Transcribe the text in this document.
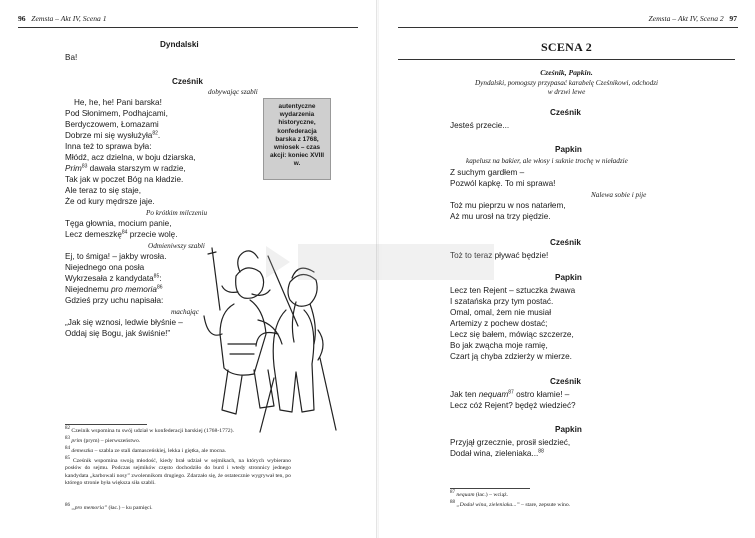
96 Zemsta – Akt IV, Scena 1
Dyndalski
Ba!
Cześnik
dobywając szabli
He, he, he! Pani barska!
Pod Słonimem, Podhajcami,
Berdyczowem, Łomazami
Dobrze mi się wysłużyła$^{82}$.
Inna też to sprawa była:
Młódź, acz dzielna, w boju dziarska,
Prim$^{83}$ dawała starszym w radzie,
Tak jak w poczet Bóg na kładzie.
Ale teraz to się staje,
Że od kury mędrsze jaje.
Po krótkim milczeniu
Tęga głownia, mocium panie,
Lecz demeszkę$^{84}$ przecie wolę.
Odmieniwszy szabli
Ej, to śmiga! – jakby wrosła.
Niejednego ona posła
Wykrzesała z kandydata$^{85}$:
Niejednemu pro memoria$^{86}$
Gdzieś przy uchu napisała:
machając
„Jak się wznosi, ledwie błyśnie –
Oddaj się Bogu, jak świśnie!”
autentyczne wydarzenia historyczne, konfederacja barska z 1768, wniosek – czas akcji: koniec XVIII w.
$^{82}$ Cześnik wspomina tu swój udział w konfederacji barskiej (1768-1772).
$^{83}$ prim (prym) – pierwszeństwo.
$^{84}$ demeszka – szabla ze stali damasceńskiej, lekka i giętka, ale mocna.
$^{85}$ Cześnik wspomina swoją młodość, kiedy brał udział w sejmikach, na których wybierano posłów do sejmu. Podczas sejmików często dochodziło do burd i wtedy stronnicy jednego kandydata „karbowali nosy” zwolennikom drugiego. Zdarzało się, że ostatecznie wygrywał ten, po którego stronie była większa siła szabli.
$^{86}$ „pro memoria” (łac.) – ku pamięci.
Zemsta – Akt IV, Scena 2 97
SCENA 2
Cześnik, Papkin.
Dyndalski, pomogszy przypasać karabelę Cześnikowi, odchodzi
w drzwi lewe
Cześnik
Jesteś przecie...
Papkin
kapelusz na bakier, ale włosy i suknie trochę w nieładzie
Z suchym gardłem –
Pozwól kapkę. To mi sprawa!
Nalewa sobie i pije
Toż mu pieprzu w nos natarłem,
Aż mu urosł na trzy piędzie.
Cześnik
Toż to teraz pływać będzie!
Papkin
Lecz ten Rejent – sztuczka żwawa
I szatańska przy tym postać.
Omal, omal, żem nie musiał
Artemizy z pochew dostać;
Lecz się bałem, mówiąc szczerze,
Bo jak zwącha moje ramię,
Czart ją chyba zdzierży w mierze.
Cześnik
Jak ten nequam$^{87}$ ostro kłamie! –
Lecz cóż Rejent? będęż wiedzieć?
Papkin
Przyjął grzecznie, prosił siedzieć,
Dodał wina, zieleniaka...$^{88}$
$^{87}$ nequam (łac.) – wciąż.
$^{88}$ „Dodał wina, zieleniaka...” – stare, zepsute wino.
